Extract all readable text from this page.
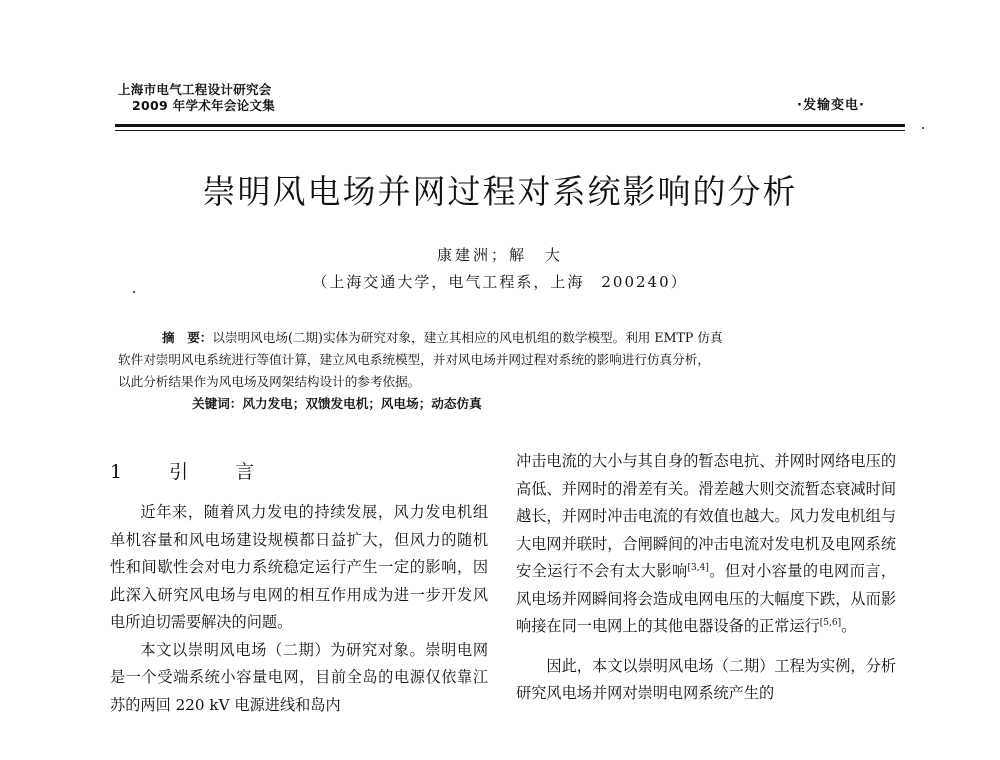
上海市电气工程设计研究会
2009 年学术年会论文集	·发输变电·
崇明风电场并网过程对系统影响的分析
康建洲；解　大
（上海交通大学，电气工程系，上海　200240）
摘　要：以崇明风电场(二期)实体为研究对象，建立其相应的风电机组的数学模型。利用 EMTP 仿真
软件对崇明风电系统进行等值计算，建立风电系统模型，并对风电场并网过程对系统的影响进行仿真分析，
以此分析结果作为风电场及网架结构设计的参考依据。
关键词：风力发电；双馈发电机；风电场；动态仿真
1　引　言
近年来，随着风力发电的持续发展，风力发电机组单机容量和风电场建设规模都日益扩大，但风力的随机性和间歇性会对电力系统稳定运行产生一定的影响，因此深入研究风电场与电网的相互作用成为进一步开发风电所迫切需要解决的问题。
本文以崇明风电场（二期）为研究对象。崇明电网是一个受端系统小容量电网，目前全岛的电源仅依靠江苏的两回 220 kV 电源进线和岛内
冲击电流的大小与其自身的暂态电抗、并网时网络电压的高低、并网时的滑差有关。滑差越大则交流暂态衰减时间越长，并网时冲击电流的有效值也越大。风力发电机组与大电网并联时，合闸瞬间的冲击电流对发电机及电网系统安全运行不会有太大影响[3,4]。但对小容量的电网而言，风电场并网瞬间将会造成电网电压的大幅度下跌，从而影响接在同一电网上的其他电器设备的正常运行[5,6]。
因此，本文以崇明风电场（二期）工程为实例，分析研究风电场并网对崇明电网系统产生的
